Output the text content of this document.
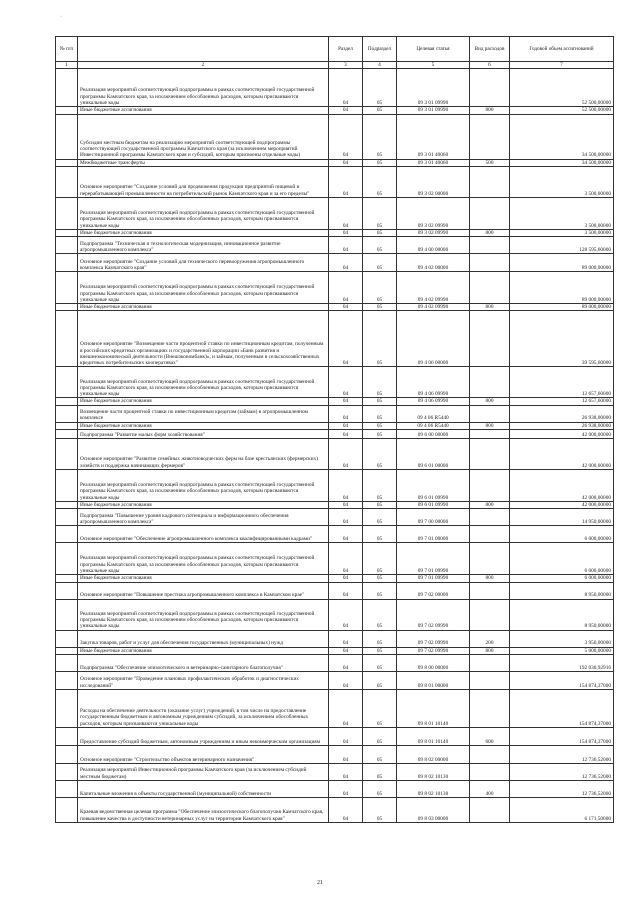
·
№ п/п		Раздел	Подраздел	Целевая статья	Вид расходов	Годовой объем ассигнований
1	2	3	4	5	6	7
	Реализация мероприятий соответствующей подпрограммы в рамках соответствующей государственной программы Камчатского края, за исключением обособленных расходов, которым присваиваются уникальные коды	04	05	09 3 01 09990		52 500,00000
	Иные бюджетные ассигнования	04	05	09 3 01 09990	800	52 500,00000
	Субсидии местным бюджетам на реализацию мероприятий соответствующей подпрограммы соответствующей государственной программы Камчатского края (за исключением мероприятий Инвестиционной программы Камчатского края и субсидий, которым присвоены отдельные коды)	04	05	09 3 01 40060		34 500,00000
	Межбюджетные трансферты	04	05	09 3 01 40060	500	34 500,00000
	Основное мероприятие "Создание условий для продвижения продукции предприятий пищевой и перерабатывающей промышленности на потребительский рынок Камчатского края и за его пределы"	04	05	09 3 02 00000		3 500,00000
	Реализация мероприятий соответствующей подпрограммы в рамках соответствующей государственной программы Камчатского края, за исключением обособленных расходов, которым присваиваются уникальные коды	04	05	09 3 02 09990		3 500,00000
	Иные бюджетные ассигнования	04	05	09 3 02 09990	800	3 500,00000
	Подпрограмма "Техническая и технологическая модернизация, инновационное развитие агропромышленного комплекса"	04	05	09 4 00 00000		128 595,60000
	Основное мероприятие "Создание условий для технического перевооружения агропромышленного комплекса Камчатского края"	04	05	09 4 02 00000		89 000,00000
	Реализация мероприятий соответствующей подпрограммы в рамках соответствующей государственной программы Камчатского края, за исключением обособленных расходов, которым присваиваются уникальные коды	04	05	09 4 02 09990		89 000,00000
	Иные бюджетные ассигнования	04	05	09 4 02 09990	800	89 000,00000
	Основное мероприятие "Возмещение части процентной ставки по инвестиционным кредитам, полученным в российских кредитных организациях и государственной корпорации «Банк развития и внешнеэкономической деятельности (Внешэкономбанк)», и займам, полученным в сельскохозяйственных кредитных потребительских кооперативах"	04	05	09 4 06 00000		39 595,60000
	Реализация мероприятий соответствующей подпрограммы в рамках соответствующей государственной программы Камчатского края, за исключением обособленных расходов, которым присваиваются уникальные коды	04	05	09 4 06 09990		12 657,60000
	Иные бюджетные ассигнования	04	05	09 4 06 09990	800	12 657,60000
	Возмещение части процентной ставки по инвестиционным кредитам (займам) в агропромышленном комплексе	04	05	09 4 06 R5440		26 938,00000
	Иные бюджетные ассигнования	04	05	09 4 06 R5440	800	26 938,00000
	Подпрограмма "Развитие малых форм хозяйствования"	04	05	09 6 00 00000		42 000,00000
	Основное мероприятие "Развитие семейных животноводческих ферм на базе крестьянских (фермерских) хозяйств и поддержка начинающих фермеров"	04	05	09 6 01 00000		42 000,00000
	Реализация мероприятий соответствующей подпрограммы в рамках соответствующей государственной программы Камчатского края, за исключением обособленных расходов, которым присваиваются уникальные коды	04	05	09 6 01 09990		42 000,00000
	Иные бюджетные ассигнования	04	05	09 6 01 09990	800	42 000,00000
	Подпрограмма "Повышение уровня кадрового потенциала и информационного обеспечения агропромышленного комплекса"	04	05	09 7 00 00000		14 950,00000
	Основное мероприятие "Обеспечение агропромышленного комплекса квалифицированными кадрами"	04	05	09 7 01 00000		6 000,00000
	Реализация мероприятий соответствующей подпрограммы в рамках соответствующей государственной программы Камчатского края, за исключением обособленных расходов, которым присваиваются уникальные коды	04	05	09 7 01 09990		6 000,00000
	Иные бюджетные ассигнования	04	05	09 7 01 09990	800	6 000,00000
	Основное мероприятие "Повышение престижа агропромышленного комплекса в Камчатском крае"	04	05	09 7 02 00000		8 950,00000
	Реализация мероприятий соответствующей подпрограммы в рамках соответствующей государственной программы Камчатского края, за исключением обособленных расходов, которым присваиваются уникальные коды	04	05	09 7 02 09990		8 950,00000
	Закупка товаров, работ и услуг для обеспечения государственных (муниципальных) нужд	04	05	09 7 02 09990	200	3 950,00000
	Иные бюджетные ассигнования	04	05	09 7 02 09990	800	5 000,00000
	Подпрограмма "Обеспечение эпизоотического и ветеринарно-санитарного благополучия"	04	05	09 8 00 00000		192 030,92916
	Основное мероприятие "Проведение плановых профилактических обработок и диагностических исследований"	04	05	09 8 01 00000		154 874,37000
	Расходы на обеспечение деятельности (оказание услуг) учреждений, в том числе на предоставление государственным бюджетным и автономным учреждениям субсидий, за исключением обособленных расходов, которым присваиваются уникальные коды	04	05	09 8 01 10140		154 874,37000
	Предоставление субсидий бюджетным, автономным учреждениям и иным некоммерческим организациям	04	05	09 8 01 10140	600	154 874,37000
	Основное мероприятие "Строительство объектов ветеринарного назначения"	04	05	09 8 02 00000		12 736,52000
	Реализация мероприятий Инвестиционной программы Камчатского края (за исключением субсидий местным бюджетам)	04	05	09 8 02 10130		12 736,52000
	Капитальные вложения в объекты государственной (муниципальной) собственности	04	05	09 8 02 10130	400	12 736,52000
	Краевая ведомственная целевая программа "Обеспечение эпизоотического благополучия Камчатского края, повышение качества и доступности ветеринарных услуг на территории Камчатского края"	04	05	09 8 03 00000		6 171,50000
21
